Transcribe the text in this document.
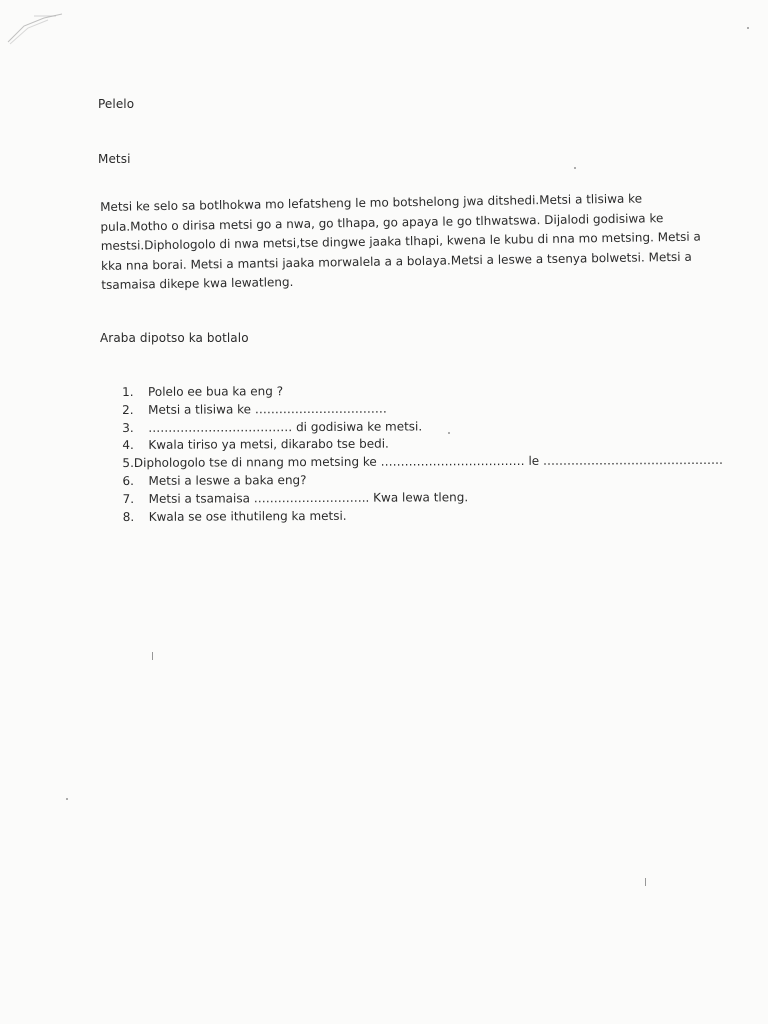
Pelelo
Metsi

Metsi ke selo sa botlhokwa mo lefatsheng le mo botshelong jwa ditshedi.Metsi a tlisiwa ke pula.Motho o dirisa metsi go a nwa, go tlhapa, go apaya le go tlhwatswa. Dijalodi godisiwa ke mestsi.Diphologolo di nwa metsi,tse dingwe jaaka tlhapi, kwena le kubu di nna mo metsing. Metsi a kka nna borai. Metsi a mantsi jaaka morwalela a a bolaya.Metsi a leswe a tsenya bolwetsi. Metsi a tsamaisa dikepe kwa lewatleng.

Araba dipotso ka botlalo
1.	Polelo ee bua ka eng ?
2.	Metsi a tlisiwa ke ……………………………
3.	……………………………… di godisiwa ke metsi.
4.	Kwala tiriso ya metsi, dikarabo tse bedi.
5. Diphologolo tse di nnang mo metsing ke ……………………………… le ………………………………………
6.	Metsi a leswe a baka eng?
7.	Metsi a tsamaisa ……………………….. Kwa lewa tleng.
8.	Kwala se ose ithutileng ka metsi.
